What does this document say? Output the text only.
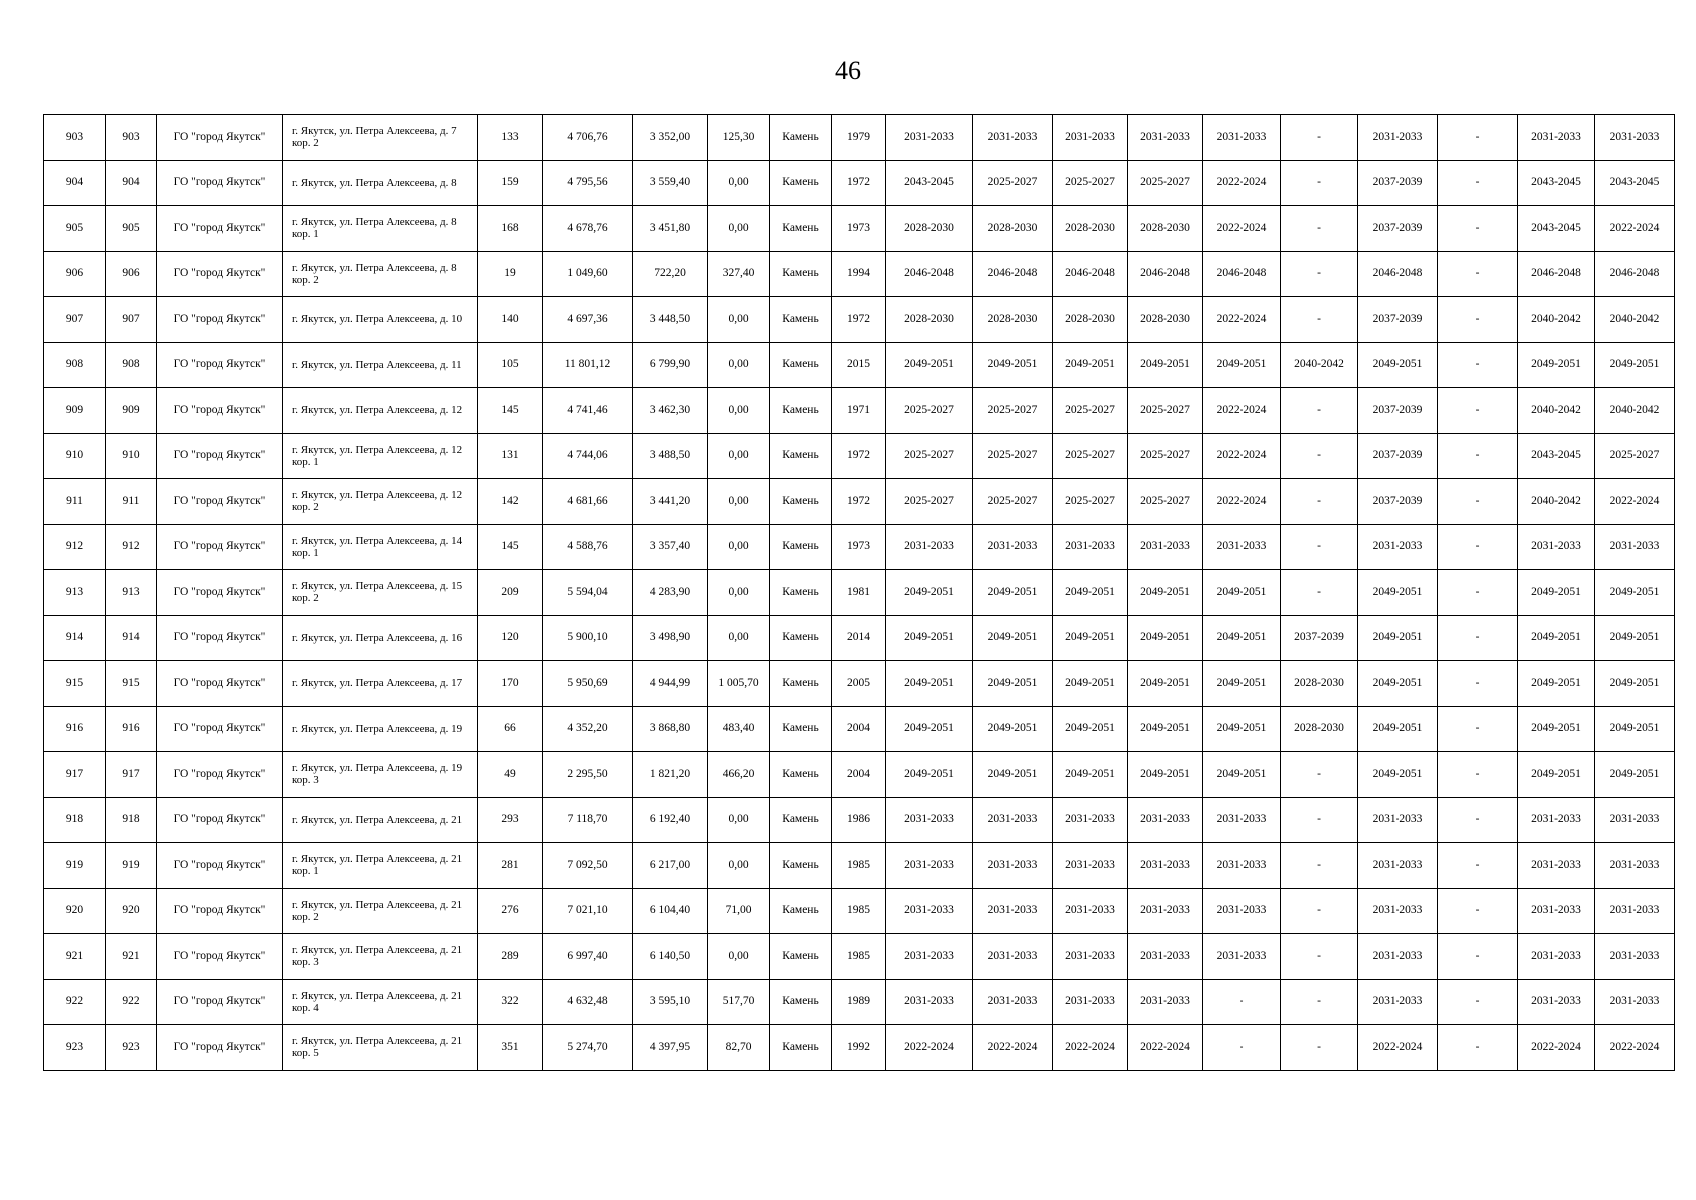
46
903	903	ГО "город Якутск"	г. Якутск, ул. Петра Алексеева, д. 7 кор. 2	133	4 706,76	3 352,00	125,30	Камень	1979	2031-2033	2031-2033	2031-2033	2031-2033	2031-2033	-	2031-2033	-	2031-2033	2031-2033
904	904	ГО "город Якутск"	г. Якутск, ул. Петра Алексеева, д. 8	159	4 795,56	3 559,40	0,00	Камень	1972	2043-2045	2025-2027	2025-2027	2025-2027	2022-2024	-	2037-2039	-	2043-2045	2043-2045
905	905	ГО "город Якутск"	г. Якутск, ул. Петра Алексеева, д. 8 кор. 1	168	4 678,76	3 451,80	0,00	Камень	1973	2028-2030	2028-2030	2028-2030	2028-2030	2022-2024	-	2037-2039	-	2043-2045	2022-2024
906	906	ГО "город Якутск"	г. Якутск, ул. Петра Алексеева, д. 8 кор. 2	19	1 049,60	722,20	327,40	Камень	1994	2046-2048	2046-2048	2046-2048	2046-2048	2046-2048	-	2046-2048	-	2046-2048	2046-2048
907	907	ГО "город Якутск"	г. Якутск, ул. Петра Алексеева, д. 10	140	4 697,36	3 448,50	0,00	Камень	1972	2028-2030	2028-2030	2028-2030	2028-2030	2022-2024	-	2037-2039	-	2040-2042	2040-2042
908	908	ГО "город Якутск"	г. Якутск, ул. Петра Алексеева, д. 11	105	11 801,12	6 799,90	0,00	Камень	2015	2049-2051	2049-2051	2049-2051	2049-2051	2049-2051	2040-2042	2049-2051	-	2049-2051	2049-2051
909	909	ГО "город Якутск"	г. Якутск, ул. Петра Алексеева, д. 12	145	4 741,46	3 462,30	0,00	Камень	1971	2025-2027	2025-2027	2025-2027	2025-2027	2022-2024	-	2037-2039	-	2040-2042	2040-2042
910	910	ГО "город Якутск"	г. Якутск, ул. Петра Алексеева, д. 12 кор. 1	131	4 744,06	3 488,50	0,00	Камень	1972	2025-2027	2025-2027	2025-2027	2025-2027	2022-2024	-	2037-2039	-	2043-2045	2025-2027
911	911	ГО "город Якутск"	г. Якутск, ул. Петра Алексеева, д. 12 кор. 2	142	4 681,66	3 441,20	0,00	Камень	1972	2025-2027	2025-2027	2025-2027	2025-2027	2022-2024	-	2037-2039	-	2040-2042	2022-2024
912	912	ГО "город Якутск"	г. Якутск, ул. Петра Алексеева, д. 14 кор. 1	145	4 588,76	3 357,40	0,00	Камень	1973	2031-2033	2031-2033	2031-2033	2031-2033	2031-2033	-	2031-2033	-	2031-2033	2031-2033
913	913	ГО "город Якутск"	г. Якутск, ул. Петра Алексеева, д. 15 кор. 2	209	5 594,04	4 283,90	0,00	Камень	1981	2049-2051	2049-2051	2049-2051	2049-2051	2049-2051	-	2049-2051	-	2049-2051	2049-2051
914	914	ГО "город Якутск"	г. Якутск, ул. Петра Алексеева, д. 16	120	5 900,10	3 498,90	0,00	Камень	2014	2049-2051	2049-2051	2049-2051	2049-2051	2049-2051	2037-2039	2049-2051	-	2049-2051	2049-2051
915	915	ГО "город Якутск"	г. Якутск, ул. Петра Алексеева, д. 17	170	5 950,69	4 944,99	1 005,70	Камень	2005	2049-2051	2049-2051	2049-2051	2049-2051	2049-2051	2028-2030	2049-2051	-	2049-2051	2049-2051
916	916	ГО "город Якутск"	г. Якутск, ул. Петра Алексеева, д. 19	66	4 352,20	3 868,80	483,40	Камень	2004	2049-2051	2049-2051	2049-2051	2049-2051	2049-2051	2028-2030	2049-2051	-	2049-2051	2049-2051
917	917	ГО "город Якутск"	г. Якутск, ул. Петра Алексеева, д. 19 кор. 3	49	2 295,50	1 821,20	466,20	Камень	2004	2049-2051	2049-2051	2049-2051	2049-2051	2049-2051	-	2049-2051	-	2049-2051	2049-2051
918	918	ГО "город Якутск"	г. Якутск, ул. Петра Алексеева, д. 21	293	7 118,70	6 192,40	0,00	Камень	1986	2031-2033	2031-2033	2031-2033	2031-2033	2031-2033	-	2031-2033	-	2031-2033	2031-2033
919	919	ГО "город Якутск"	г. Якутск, ул. Петра Алексеева, д. 21 кор. 1	281	7 092,50	6 217,00	0,00	Камень	1985	2031-2033	2031-2033	2031-2033	2031-2033	2031-2033	-	2031-2033	-	2031-2033	2031-2033
920	920	ГО "город Якутск"	г. Якутск, ул. Петра Алексеева, д. 21 кор. 2	276	7 021,10	6 104,40	71,00	Камень	1985	2031-2033	2031-2033	2031-2033	2031-2033	2031-2033	-	2031-2033	-	2031-2033	2031-2033
921	921	ГО "город Якутск"	г. Якутск, ул. Петра Алексеева, д. 21 кор. 3	289	6 997,40	6 140,50	0,00	Камень	1985	2031-2033	2031-2033	2031-2033	2031-2033	2031-2033	-	2031-2033	-	2031-2033	2031-2033
922	922	ГО "город Якутск"	г. Якутск, ул. Петра Алексеева, д. 21 кор. 4	322	4 632,48	3 595,10	517,70	Камень	1989	2031-2033	2031-2033	2031-2033	2031-2033	-	-	2031-2033	-	2031-2033	2031-2033
923	923	ГО "город Якутск"	г. Якутск, ул. Петра Алексеева, д. 21 кор. 5	351	5 274,70	4 397,95	82,70	Камень	1992	2022-2024	2022-2024	2022-2024	2022-2024	-	-	2022-2024	-	2022-2024	2022-2024
